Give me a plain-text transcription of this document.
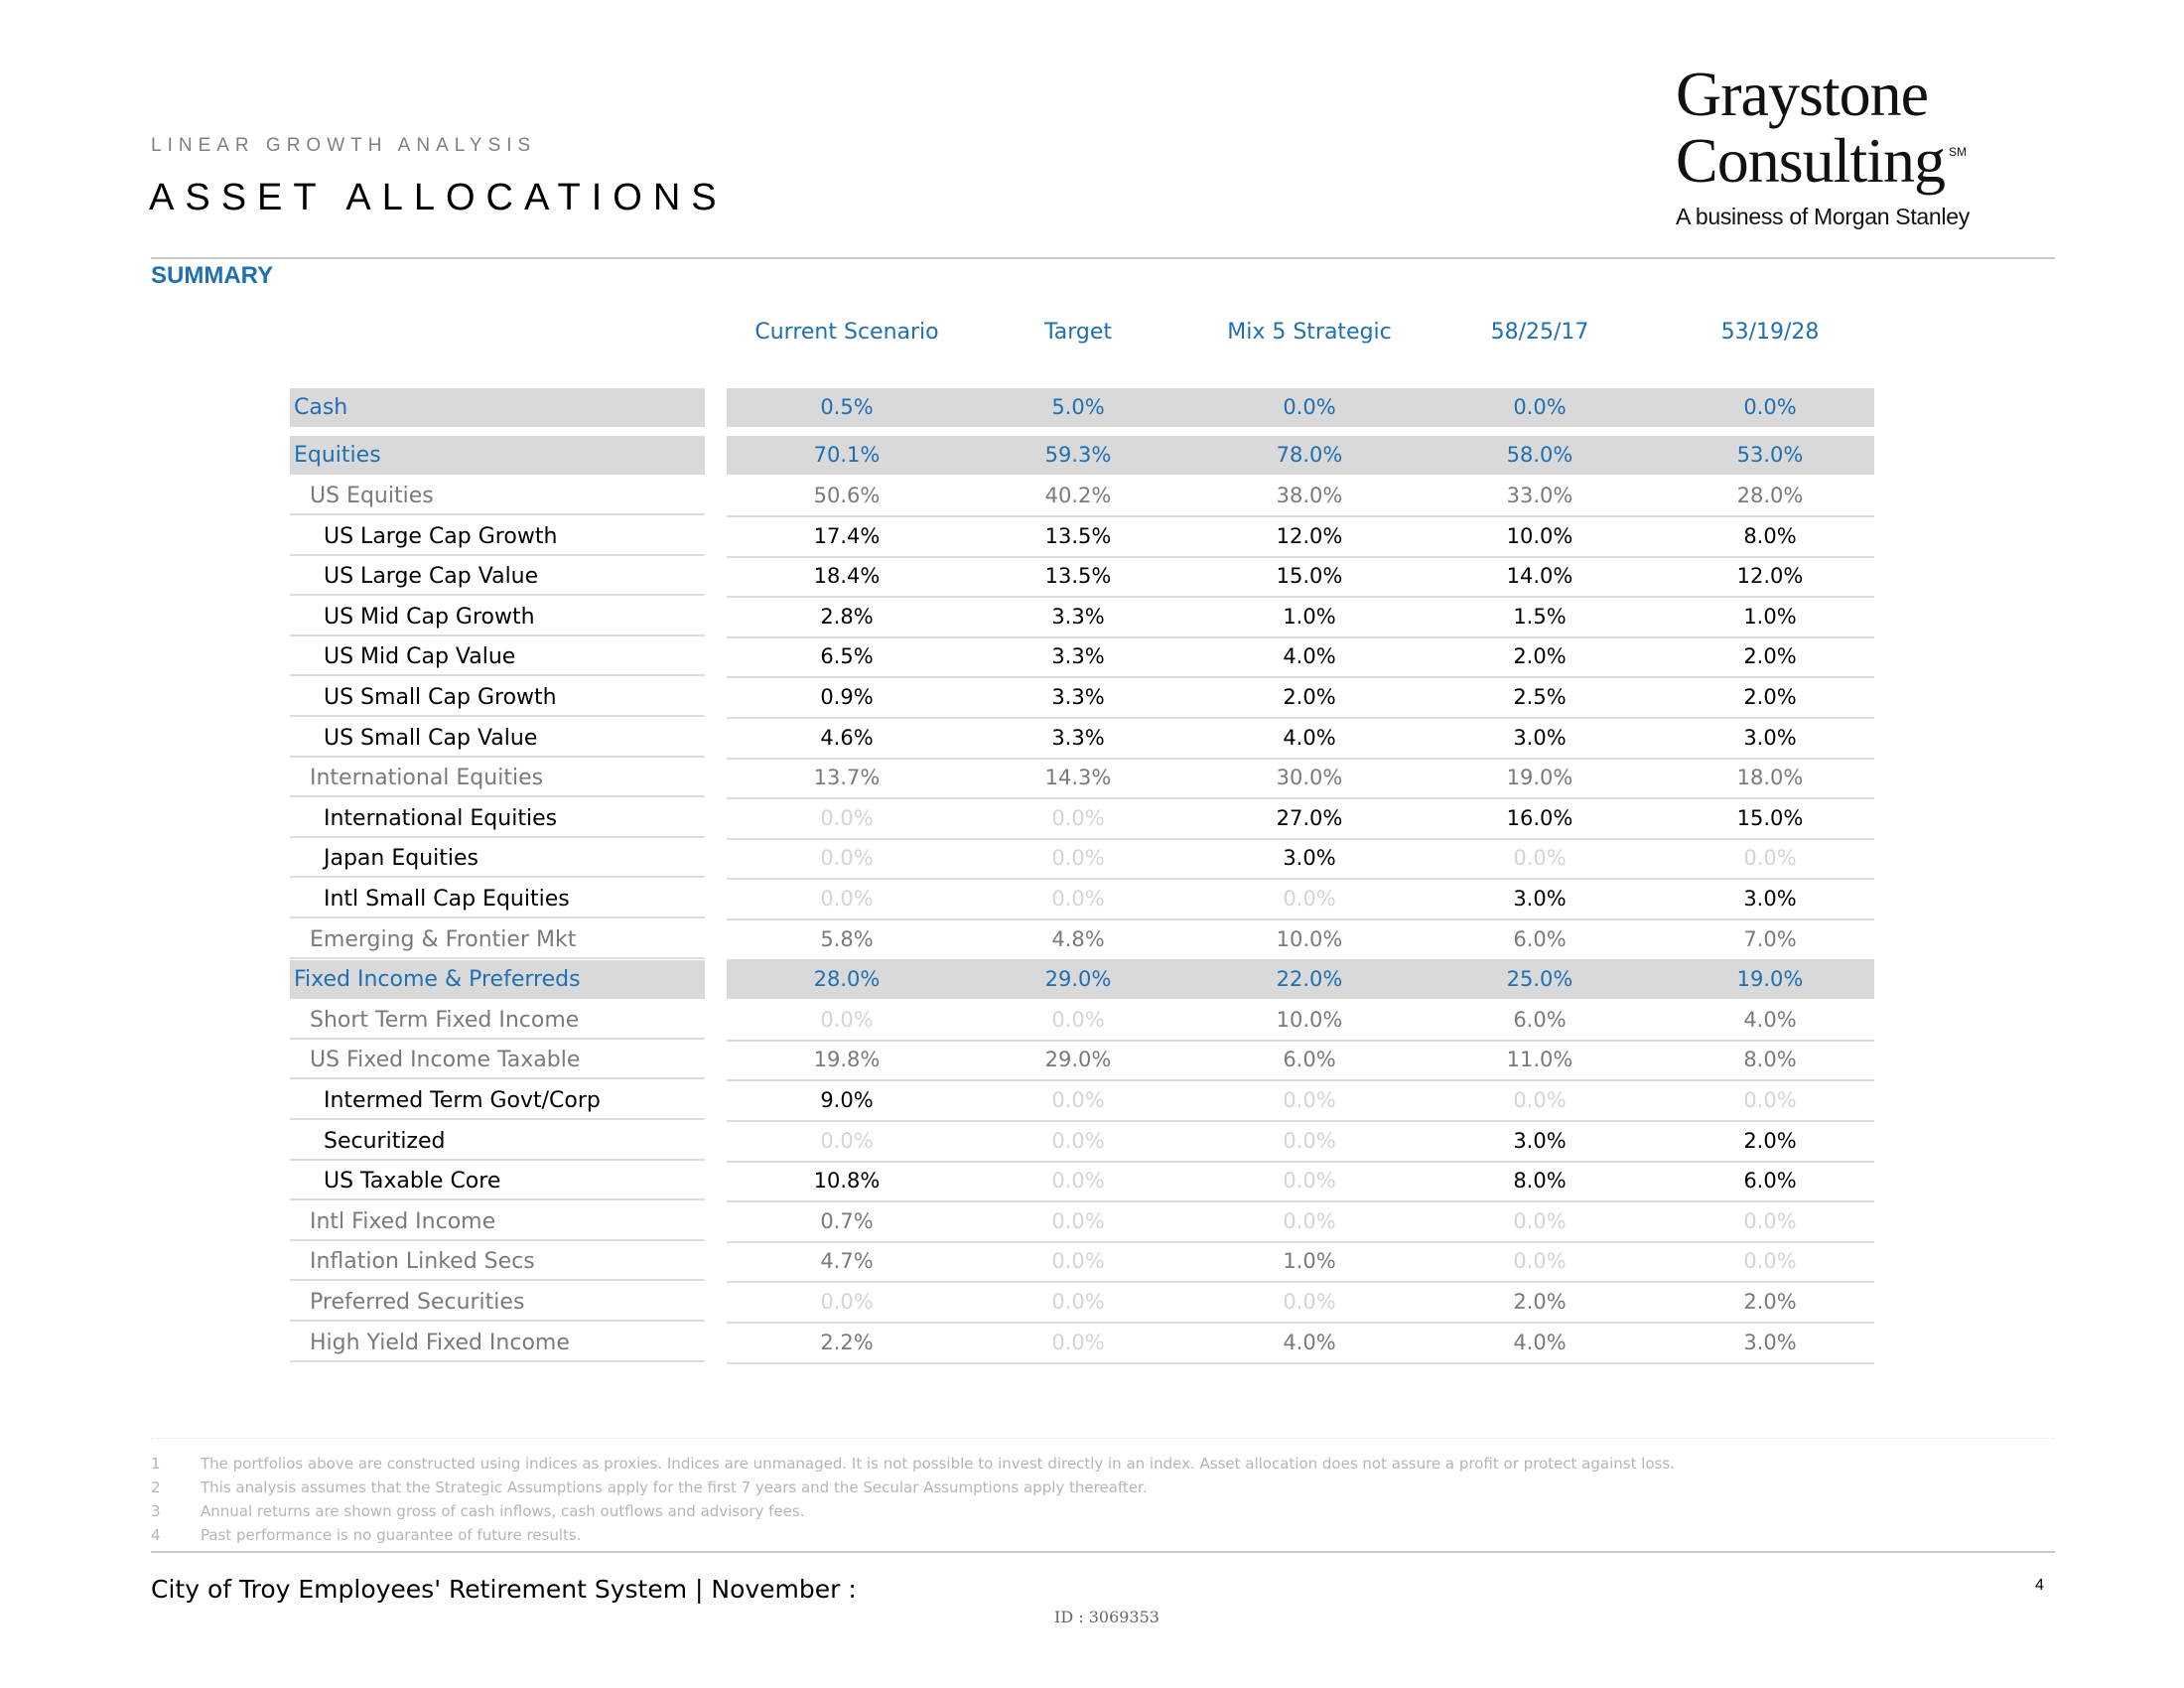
LINEAR GROWTH ANALYSIS
ASSET ALLOCATIONS
Graystone
Consulting ℠
A business of Morgan Stanley
SUMMARY
Current Scenario	Target	Mix 5 Strategic	58/25/17	53/19/28
Cash	0.5%	5.0%	0.0%	0.0%	0.0%
Equities	70.1%	59.3%	78.0%	58.0%	53.0%
US Equities	50.6%	40.2%	38.0%	33.0%	28.0%
US Large Cap Growth	17.4%	13.5%	12.0%	10.0%	8.0%
US Large Cap Value	18.4%	13.5%	15.0%	14.0%	12.0%
US Mid Cap Growth	2.8%	3.3%	1.0%	1.5%	1.0%
US Mid Cap Value	6.5%	3.3%	4.0%	2.0%	2.0%
US Small Cap Growth	0.9%	3.3%	2.0%	2.5%	2.0%
US Small Cap Value	4.6%	3.3%	4.0%	3.0%	3.0%
International Equities	13.7%	14.3%	30.0%	19.0%	18.0%
International Equities	0.0%	0.0%	27.0%	16.0%	15.0%
Japan Equities	0.0%	0.0%	3.0%	0.0%	0.0%
Intl Small Cap Equities	0.0%	0.0%	0.0%	3.0%	3.0%
Emerging & Frontier Mkt	5.8%	4.8%	10.0%	6.0%	7.0%
Fixed Income & Preferreds	28.0%	29.0%	22.0%	25.0%	19.0%
Short Term Fixed Income	0.0%	0.0%	10.0%	6.0%	4.0%
US Fixed Income Taxable	19.8%	29.0%	6.0%	11.0%	8.0%
Intermed Term Govt/Corp	9.0%	0.0%	0.0%	0.0%	0.0%
Securitized	0.0%	0.0%	0.0%	3.0%	2.0%
US Taxable Core	10.8%	0.0%	0.0%	8.0%	6.0%
Intl Fixed Income	0.7%	0.0%	0.0%	0.0%	0.0%
Inflation Linked Secs	4.7%	0.0%	1.0%	0.0%	0.0%
Preferred Securities	0.0%	0.0%	0.0%	2.0%	2.0%
High Yield Fixed Income	2.2%	0.0%	4.0%	4.0%	3.0%
1	The portfolios above are constructed using indices as proxies. Indices are unmanaged. It is not possible to invest directly in an index. Asset allocation does not assure a profit or protect against loss.
2	This analysis assumes that the Strategic Assumptions apply for the first 7 years and the Secular Assumptions apply thereafter.
3	Annual returns are shown gross of cash inflows, cash outflows and advisory fees.
4	Past performance is no guarantee of future results.
City of Troy Employees' Retirement System | November :	4
ID : 3069353
